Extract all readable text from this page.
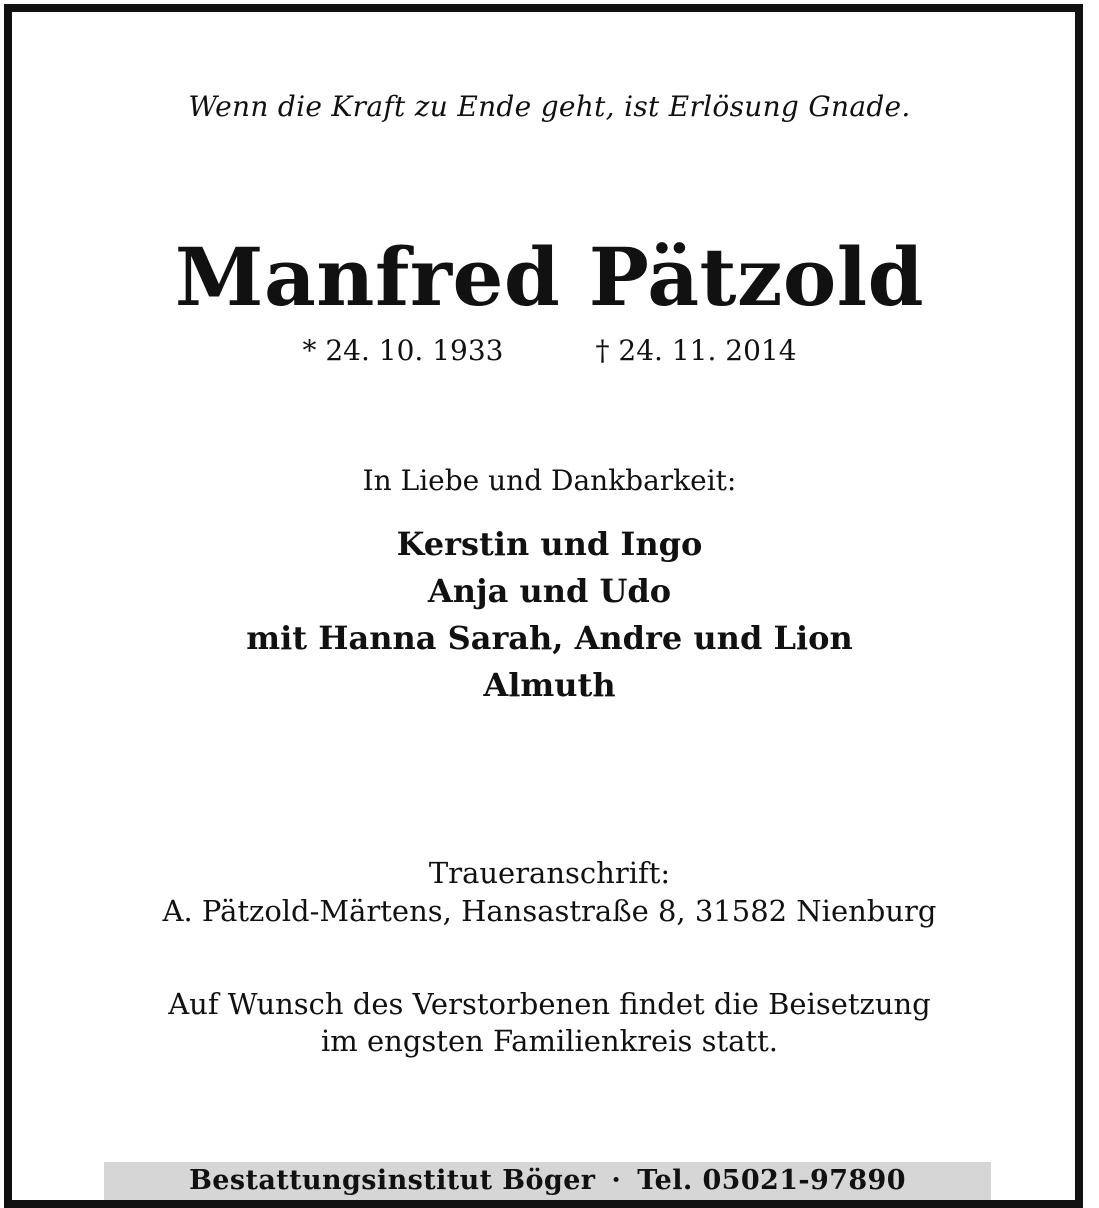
Wenn die Kraft zu Ende geht, ist Erlösung Gnade.
Manfred Pätzold
* 24. 10. 1933	† 24. 11. 2014
In Liebe und Dankbarkeit:
Kerstin und Ingo
Anja und Udo
mit Hanna Sarah, Andre und Lion
Almuth
Traueranschrift:
A. Pätzold-Märtens, Hansastraße 8, 31582 Nienburg
Auf Wunsch des Verstorbenen findet die Beisetzung
im engsten Familienkreis statt.
Bestattungsinstitut Böger · Tel. 05021-97890
